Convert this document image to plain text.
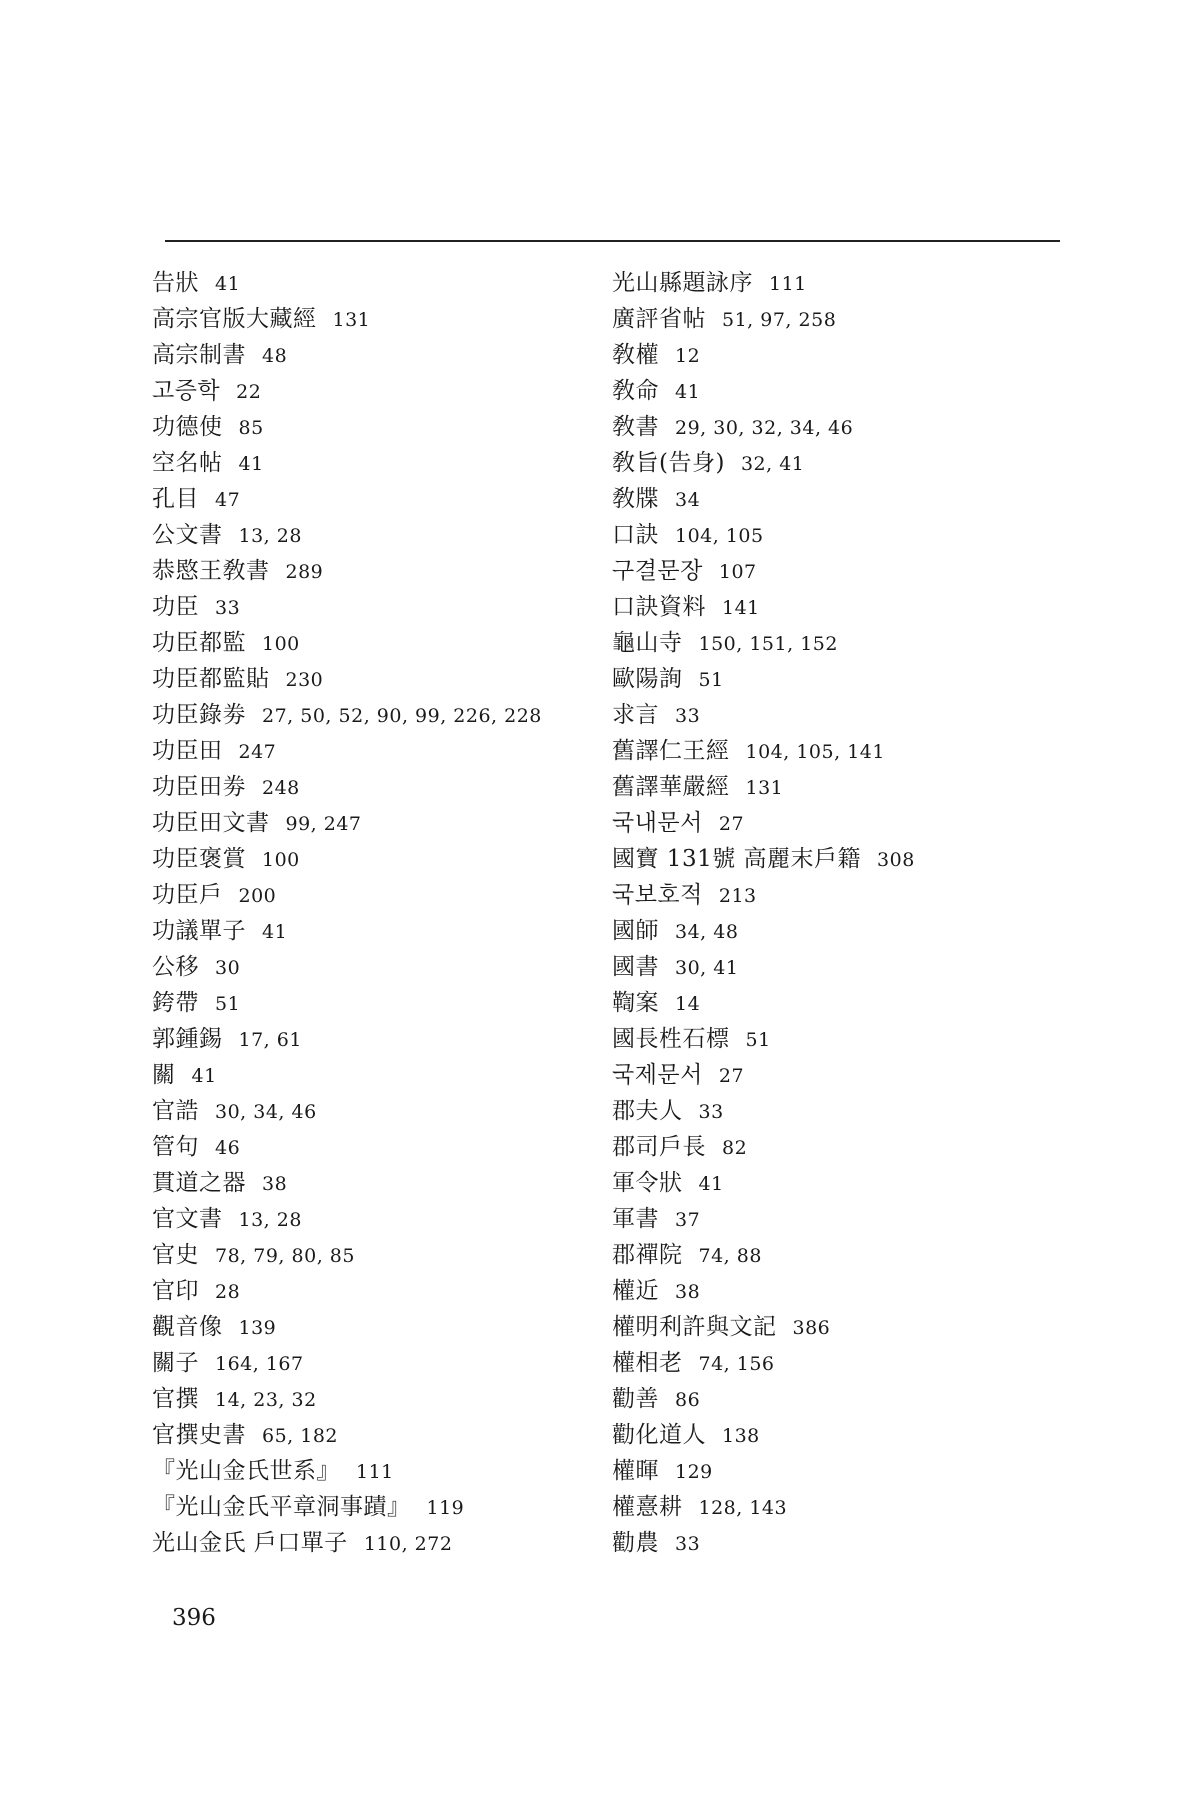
告狀 41
高宗官版大藏經 131
高宗制書 48
고증학 22
功德使 85
空名帖 41
孔目 47
公文書 13, 28
恭愍王敎書 289
功臣 33
功臣都監 100
功臣都監貼 230
功臣錄劵 27, 50, 52, 90, 99, 226, 228
功臣田 247
功臣田劵 248
功臣田文書 99, 247
功臣褒賞 100
功臣戶 200
功議單子 41
公移 30
銙帶 51
郭鍾錫 17, 61
關 41
官誥 30, 34, 46
管句 46
貫道之器 38
官文書 13, 28
官史 78, 79, 80, 85
官印 28
觀音像 139
關子 164, 167
官撰 14, 23, 32
官撰史書 65, 182
『光山金氏世系』 111
『光山金氏平章洞事蹟』 119
光山金氏 戶口單子 110, 272
光山縣題詠序 111
廣評省帖 51, 97, 258
敎權 12
敎命 41
敎書 29, 30, 32, 34, 46
敎旨(告身) 32, 41
敎牒 34
口訣 104, 105
구결문장 107
口訣資料 141
龜山寺 150, 151, 152
歐陽詢 51
求言 33
舊譯仁王經 104, 105, 141
舊譯華嚴經 131
국내문서 27
國寶 131號 高麗末戶籍 308
국보호적 213
國師 34, 48
國書 30, 41
鞫案 14
國長栍石標 51
국제문서 27
郡夫人 33
郡司戶長 82
軍令狀 41
軍書 37
郡禪院 74, 88
權近 38
權明利許與文記 386
權相老 74, 156
勸善 86
勸化道人 138
權暉 129
權憙耕 128, 143
勸農 33
396
